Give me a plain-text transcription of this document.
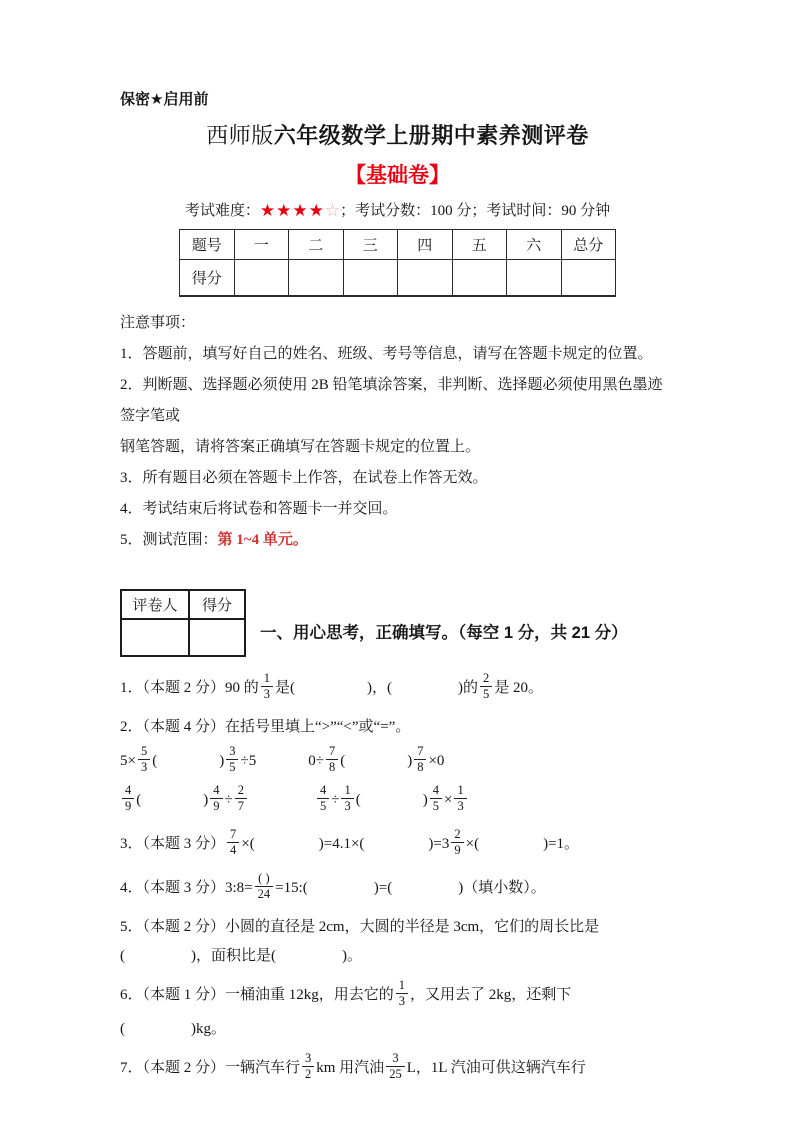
保密★启用前
西师版六年级数学上册期中素养测评卷
【基础卷】
考试难度：★★★★☆；考试分数：100 分；考试时间：90 分钟
题号	一	二	三	四	五	六	总分
得分							
注意事项：
1．答题前，填写好自己的姓名、班级、考号等信息，请写在答题卡规定的位置。
2．判断题、选择题必须使用 2B 铅笔填涂答案，非判断、选择题必须使用黑色墨迹签字笔或
钢笔答题，请将答案正确填写在答题卡规定的位置上。
3．所有题目必须在答题卡上作答，在试卷上作答无效。
4．考试结束后将试卷和答题卡一并交回。
5．测试范围：第 1~4 单元。
评卷人	得分

一、用心思考，正确填写。（每空 1 分，共 21 分）
1．（本题 2 分）90 的 $\frac{1}{3}$ 是(	)，(	)的 $\frac{2}{5}$ 是 20。
2．（本题 4 分）在括号里填上“>”“<”或“=”。
$5\times \frac{5}{3}$ (	) $\frac{3}{5} \div 5$	$0\div \frac{7}{8}$ (	) $\frac{7}{8} \times 0$
$\frac{4}{9}$ (	) $\frac{4}{9} \div \frac{2}{7}$	$\frac{4}{5} \div \frac{1}{3}$ (	) $\frac{4}{5} \times \frac{1}{3}$
3．（本题 3 分） $\frac{7}{4}$ ×(	)=4.1×(	)$=3 \frac{2}{9}$ ×(	)=1。
4．（本题 3 分）3:8= $\frac{( )}{24}$ =15:(	)=(	)（填小数）。
5．（本题 2 分）小圆的直径是 2cm，大圆的半径是 3cm，它们的周长比是
(	)，面积比是(	)。
6．（本题 1 分）一桶油重 12kg，用去它的 $\frac{1}{3}$ ，又用去了 2kg，还剩下
(	)kg。
7．（本题 2 分）一辆汽车行 $\frac{3}{2}$ km 用汽油 $\frac{3}{25}$ L，1L 汽油可供这辆汽车行
